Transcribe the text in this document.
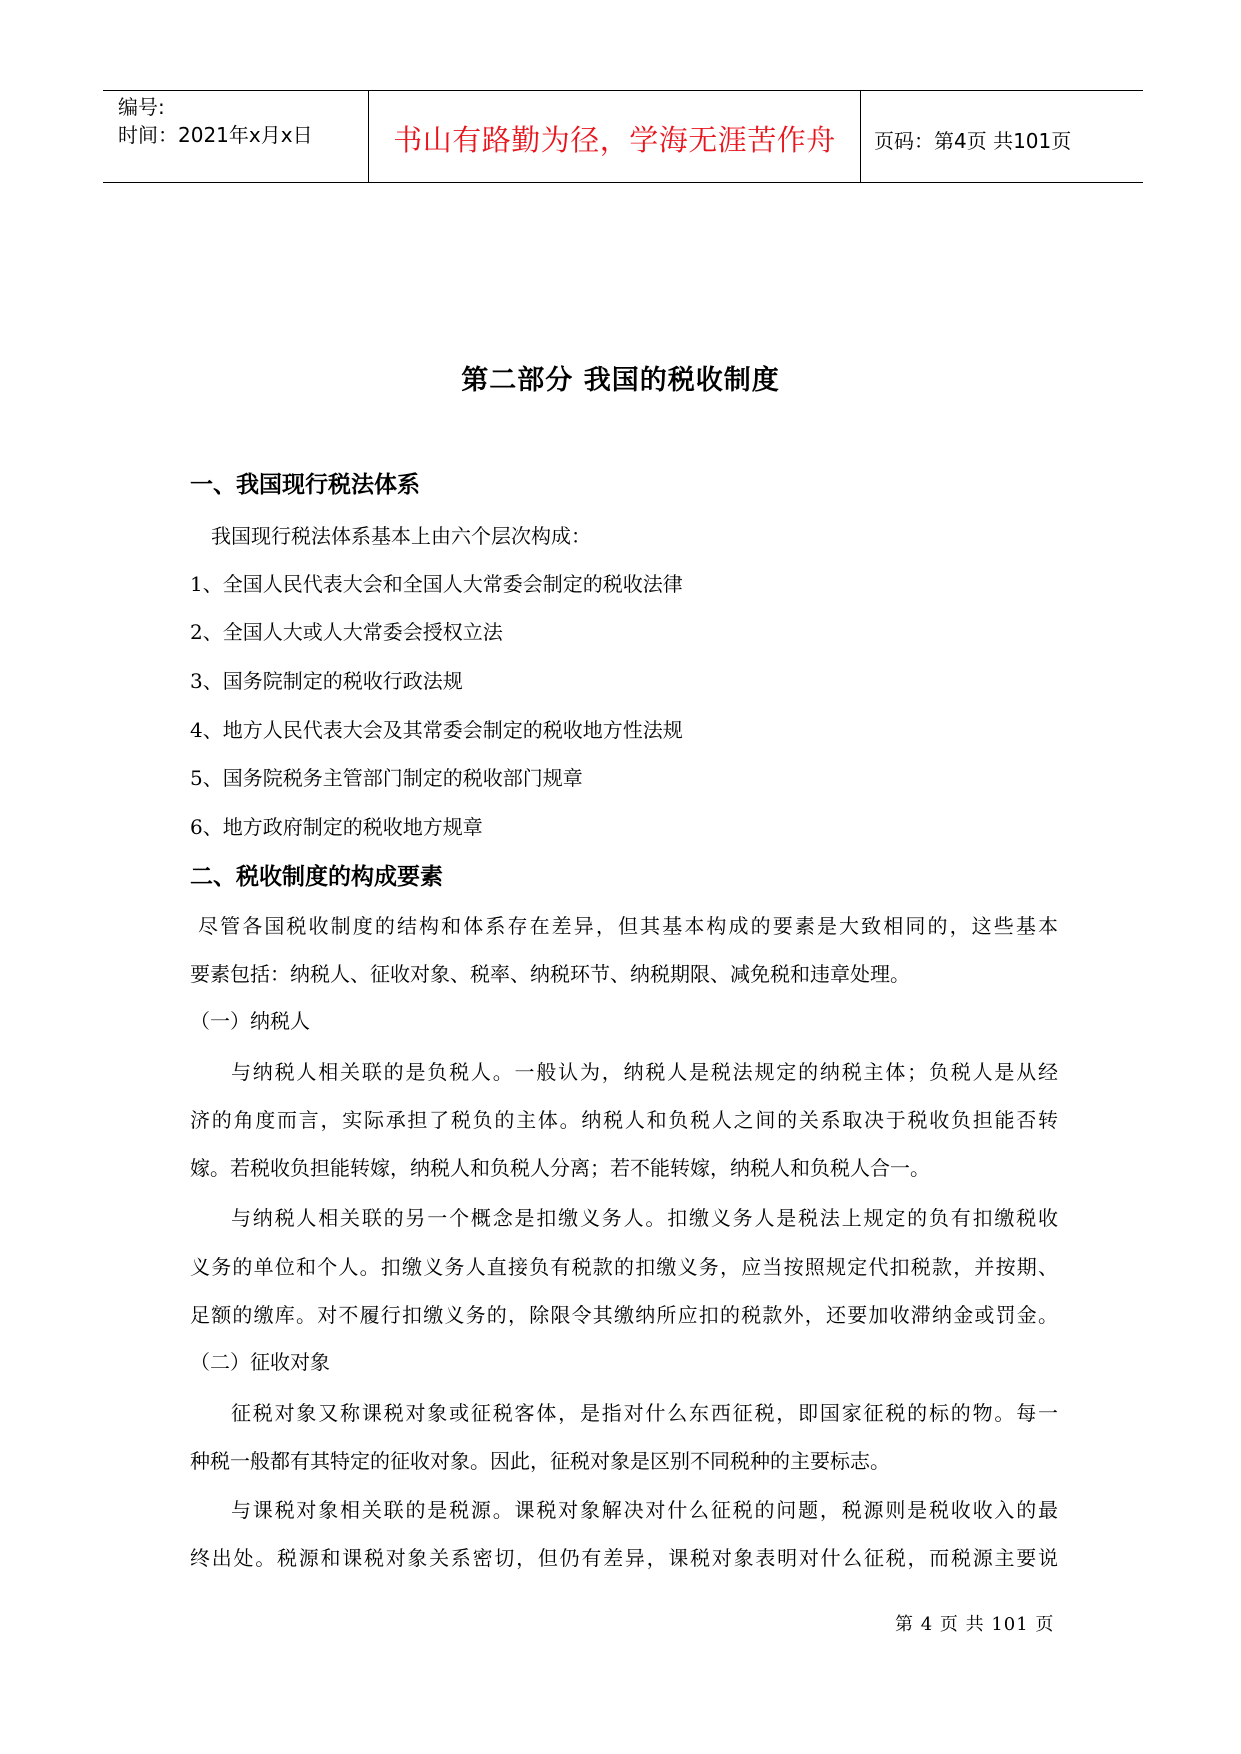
编号:
时间：2021年x月x日	书山有路勤为径，学海无涯苦作舟	页码：第4页 共101页
第二部分 我国的税收制度
一、我国现行税法体系
我国现行税法体系基本上由六个层次构成：
1、全国人民代表大会和全国人大常委会制定的税收法律
2、全国人大或人大常委会授权立法
3、国务院制定的税收行政法规
4、地方人民代表大会及其常委会制定的税收地方性法规
5、国务院税务主管部门制定的税收部门规章
6、地方政府制定的税收地方规章
二、税收制度的构成要素
尽管各国税收制度的结构和体系存在差异，但其基本构成的要素是大致相同的，这些基本
要素包括：纳税人、征收对象、税率、纳税环节、纳税期限、减免税和违章处理。
（一）纳税人
与纳税人相关联的是负税人。一般认为，纳税人是税法规定的纳税主体；负税人是从经
济的角度而言，实际承担了税负的主体。纳税人和负税人之间的关系取决于税收负担能否转
嫁。若税收负担能转嫁，纳税人和负税人分离；若不能转嫁，纳税人和负税人合一。
与纳税人相关联的另一个概念是扣缴义务人。扣缴义务人是税法上规定的负有扣缴税收
义务的单位和个人。扣缴义务人直接负有税款的扣缴义务，应当按照规定代扣税款，并按期、
足额的缴库。对不履行扣缴义务的，除限令其缴纳所应扣的税款外，还要加收滞纳金或罚金。
（二）征收对象
征税对象又称课税对象或征税客体，是指对什么东西征税，即国家征税的标的物。每一
种税一般都有其特定的征收对象。因此，征税对象是区别不同税种的主要标志。
与课税对象相关联的是税源。课税对象解决对什么征税的问题，税源则是税收收入的最
终出处。税源和课税对象关系密切，但仍有差异，课税对象表明对什么征税，而税源主要说
第 4 页 共 101 页
